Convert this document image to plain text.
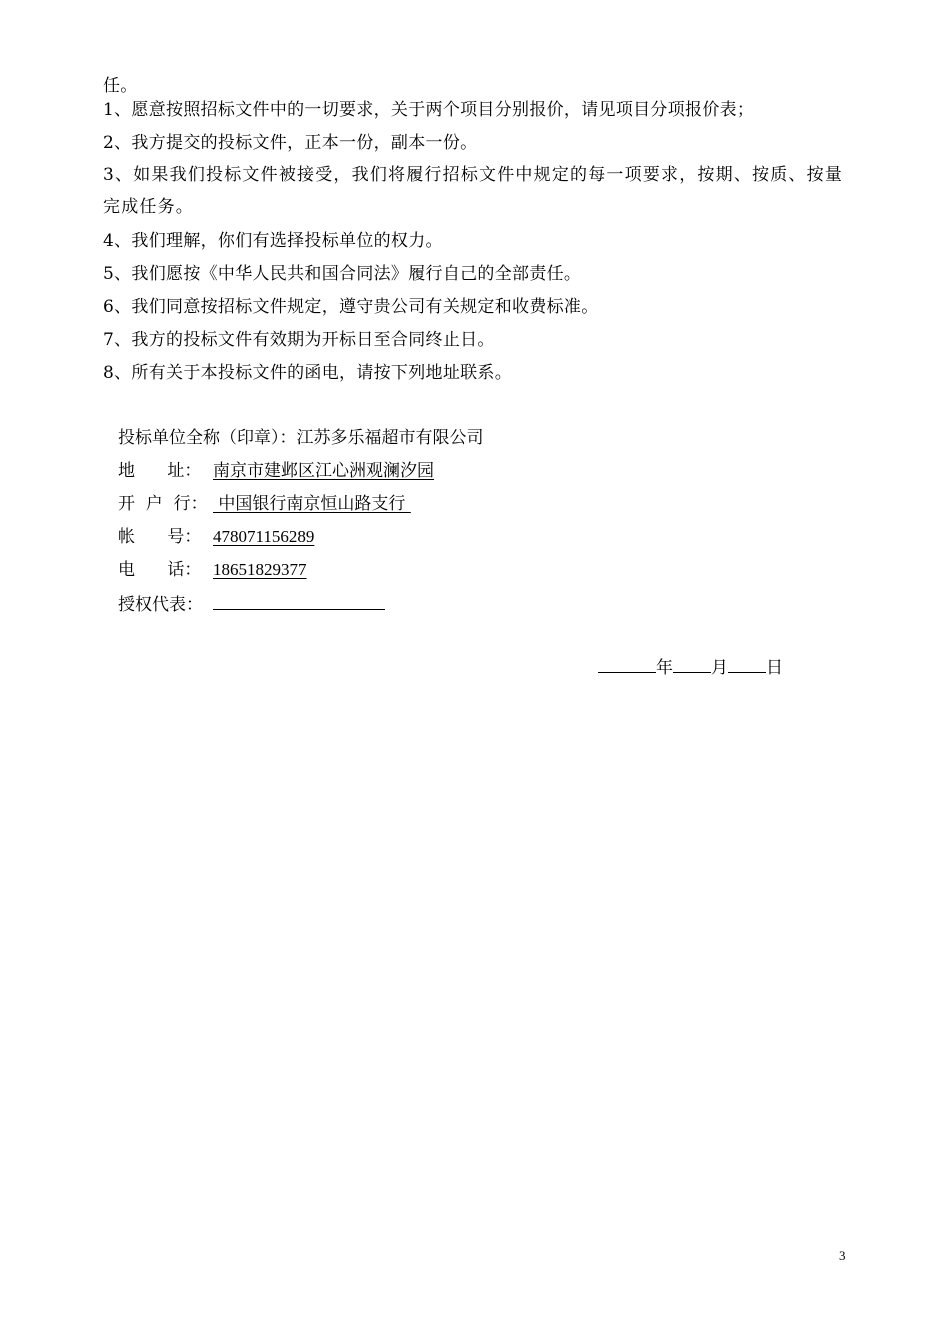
任。
1、愿意按照招标文件中的一切要求，关于两个项目分别报价，请见项目分项报价表；
2、我方提交的投标文件，正本一份，副本一份。
3、如果我们投标文件被接受，我们将履行招标文件中规定的每一项要求，按期、按质、按量完成任务。
4、我们理解，你们有选择投标单位的权力。
5、我们愿按《中华人民共和国合同法》履行自己的全部责任。
6、我们同意按招标文件规定，遵守贵公司有关规定和收费标准。
7、我方的投标文件有效期为开标日至合同终止日。
8、所有关于本投标文件的函电，请按下列地址联系。
投标单位全称（印章）：江苏多乐福超市有限公司
地      址： 南京市建邺区江心洲观澜汐园
开  户  行： 中国银行南京恒山路支行
帐      号： 478071156289
电      话： 18651829377
授权代表：
年 月 日
3
